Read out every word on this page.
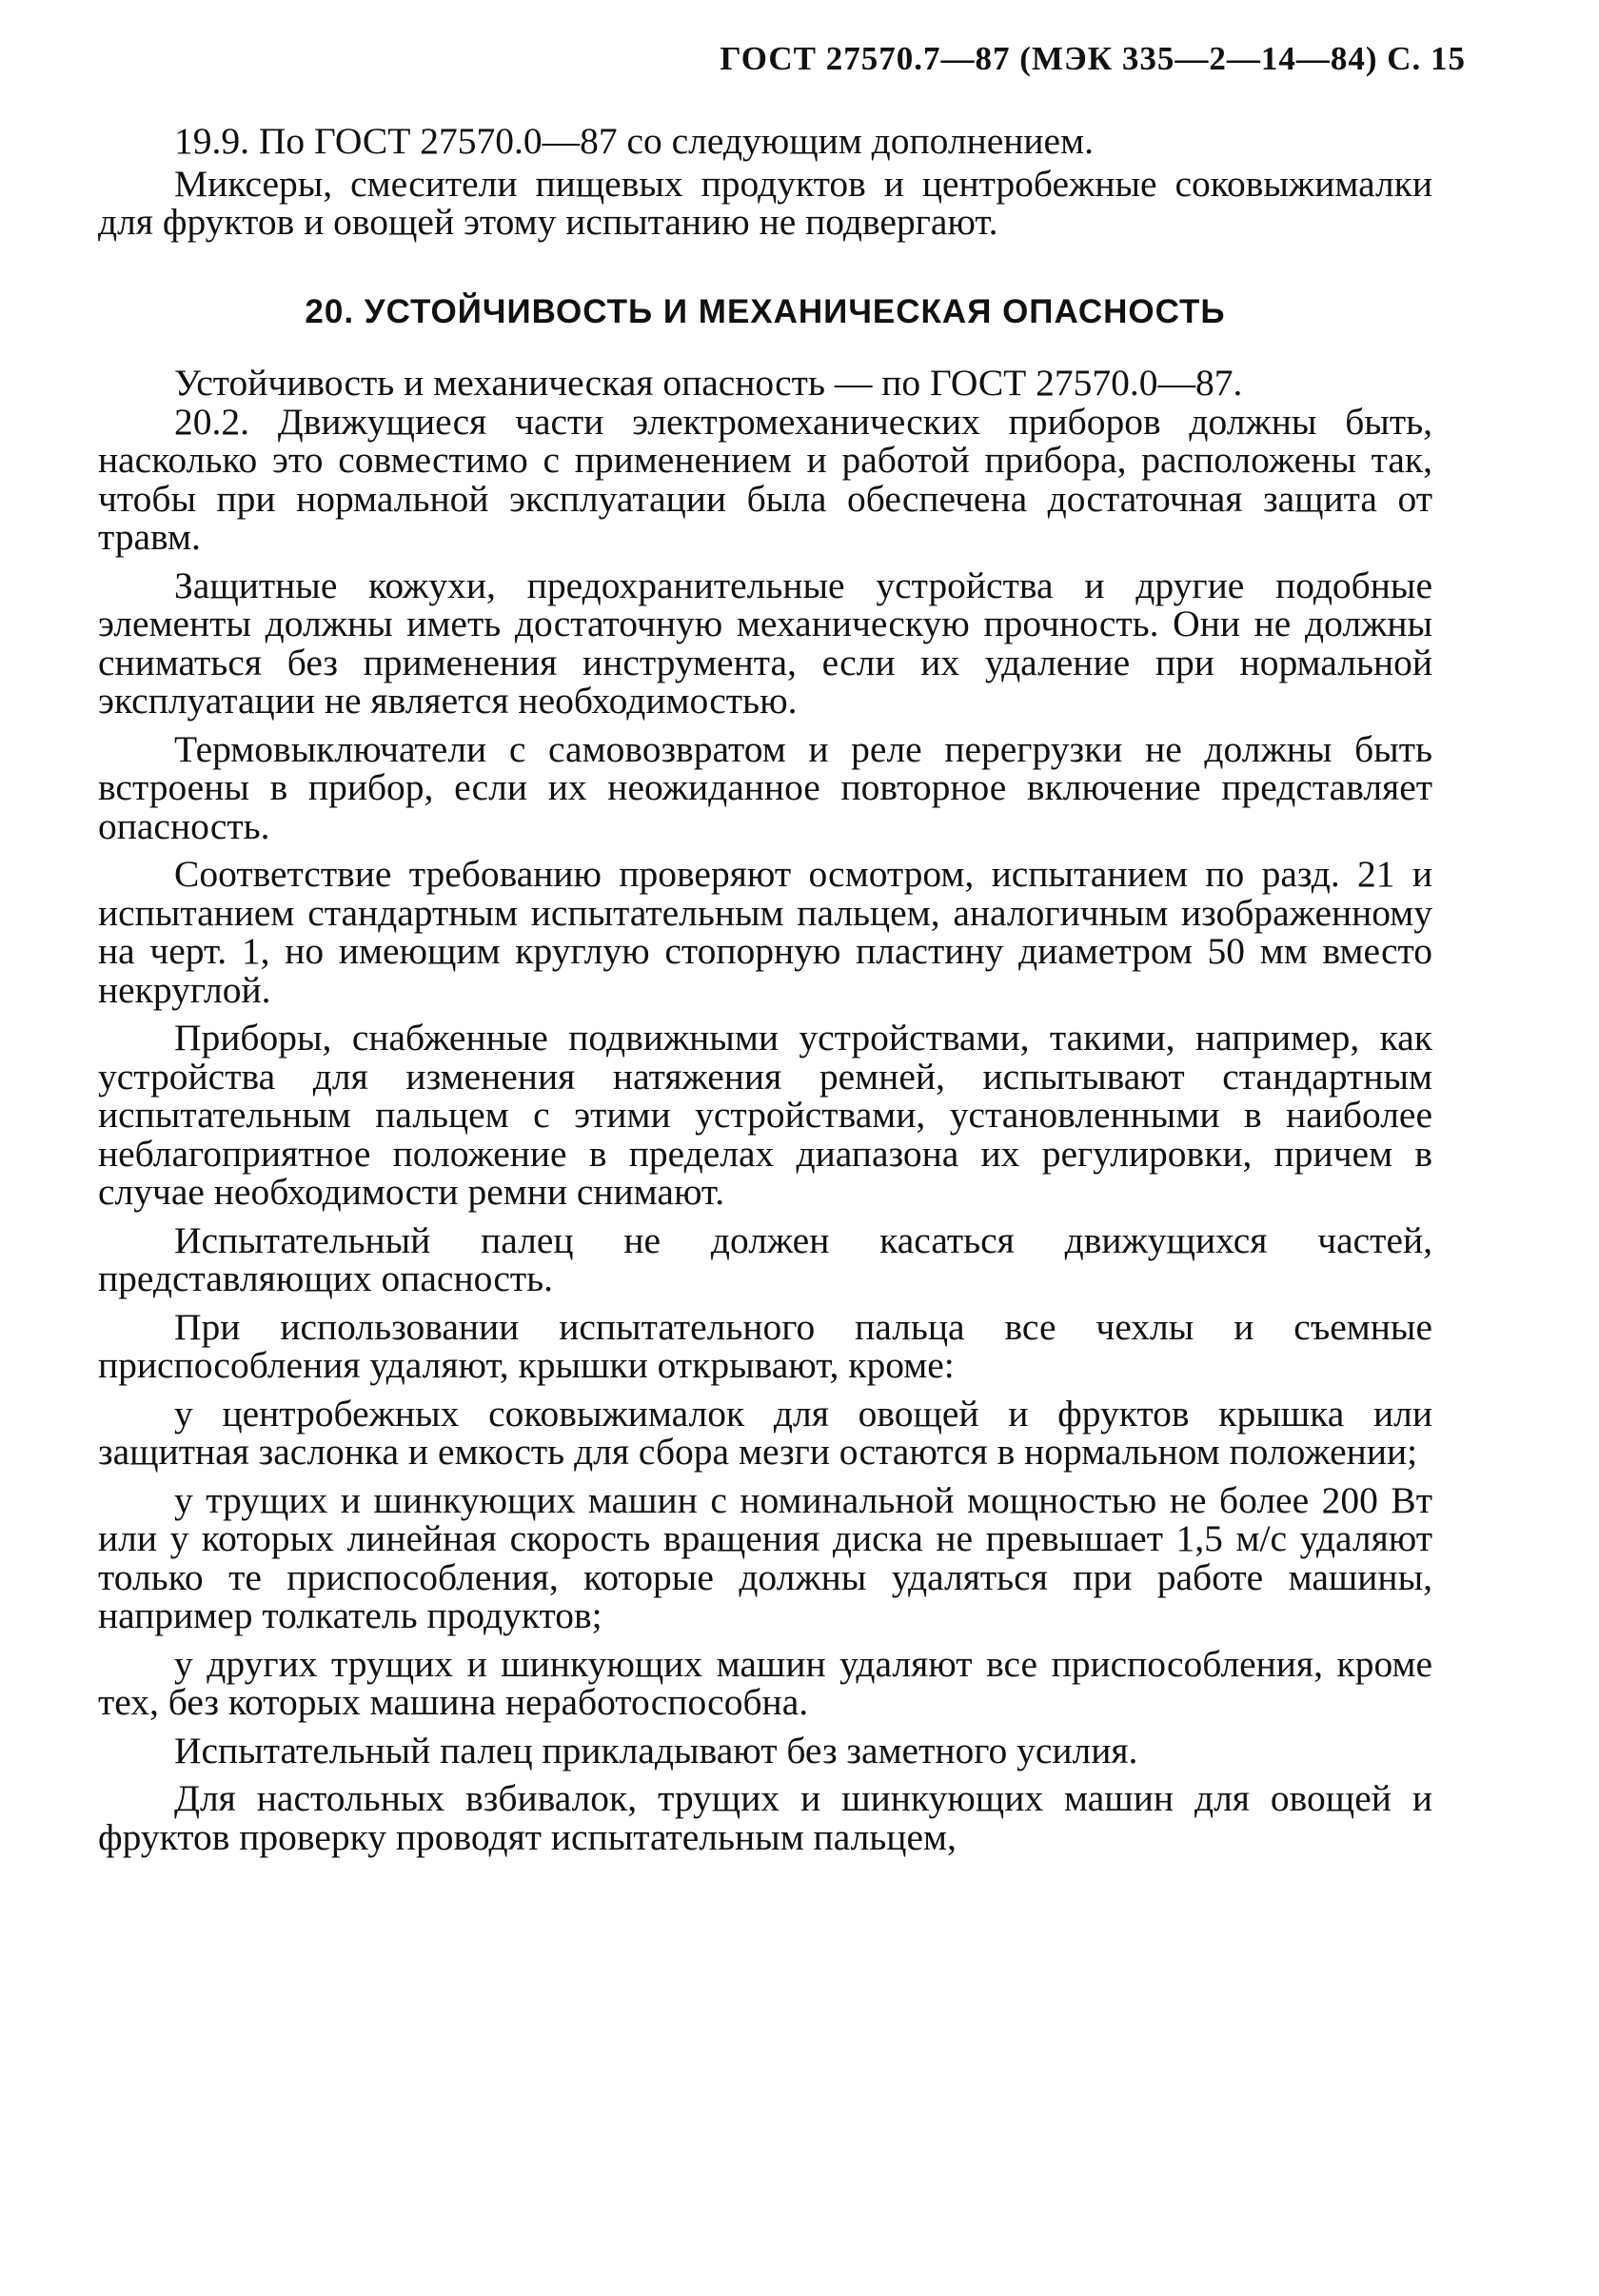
ГОСТ 27570.7—87 (МЭК 335—2—14—84) С. 15

19.9. По ГОСТ 27570.0—87 со следующим дополнением.

Миксеры, смесители пищевых продуктов и центробежные соковыжималки для фруктов и овощей этому испытанию не подвергают.

20. УСТОЙЧИВОСТЬ И МЕХАНИЧЕСКАЯ ОПАСНОСТЬ

Устойчивость и механическая опасность — по ГОСТ 27570.0—87.

20.2. Движущиеся части электромеханических приборов должны быть, насколько это совместимо с применением и работой прибора, расположены так, чтобы при нормальной эксплуатации была обеспечена достаточная защита от травм.

Защитные кожухи, предохранительные устройства и другие подобные элементы должны иметь достаточную механическую прочность. Они не должны сниматься без применения инструмента, если их удаление при нормальной эксплуатации не является необходимостью.

Термовыключатели с самовозвратом и реле перегрузки не должны быть встроены в прибор, если их неожиданное повторное включение представляет опасность.

Соответствие требованию проверяют осмотром, испытанием по разд. 21 и испытанием стандартным испытательным пальцем, аналогичным изображенному на черт. 1, но имеющим круглую стопорную пластину диаметром 50 мм вместо некруглой.

Приборы, снабженные подвижными устройствами, такими, например, как устройства для изменения натяжения ремней, испытывают стандартным испытательным пальцем с этими устройствами, установленными в наиболее неблагоприятное положение в пределах диапазона их регулировки, причем в случае необходимости ремни снимают.

Испытательный палец не должен касаться движущихся частей, представляющих опасность.

При использовании испытательного пальца все чехлы и съемные приспособления удаляют, крышки открывают, кроме:

у центробежных соковыжималок для овощей и фруктов крышка или защитная заслонка и емкость для сбора мезги остаются в нормальном положении;

у трущих и шинкующих машин с номинальной мощностью не более 200 Вт или у которых линейная скорость вращения диска не превышает 1,5 м/с удаляют только те приспособления, которые должны удаляться при работе машины, например толкатель продуктов;

у других трущих и шинкующих машин удаляют все приспособления, кроме тех, без которых машина неработоспособна.

Испытательный палец прикладывают без заметного усилия.

Для настольных взбивалок, трущих и шинкующих машин для овощей и фруктов проверку проводят испытательным пальцем,
